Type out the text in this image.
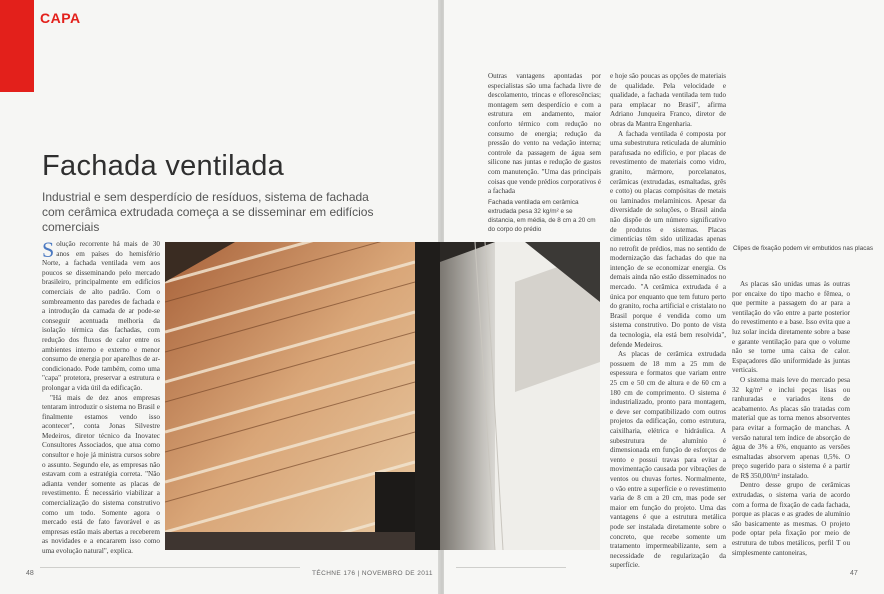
CAPA
Fachada ventilada

Industrial e sem desperdício de resíduos, sistema de fachada com cerâmica extrudada começa a se disseminar em edifícios comerciais

Solução recorrente há mais de 30 anos em países do hemisfério Norte, a fachada ventilada vem aos poucos se disseminando pelo mercado brasileiro, principalmente em edifícios comerciais de alto padrão. Com o sombreamento das paredes de fachada e a introdução da camada de ar pode-se conseguir acentuada melhoria da isolação térmica das fachadas, com redução dos fluxos de calor entre os ambientes interno e externo e menor consumo de energia por aparelhos de ar-condicionado. Pode também, como uma "capa" protetora, preservar a estrutura e prolongar a vida útil da edificação.

"Há mais de dez anos empresas tentaram introduzir o sistema no Brasil e finalmente estamos vendo isso acontecer", conta Jonas Silvestre Medeiros, diretor técnico da Inovatec Consultores Associados, que atua como consultor e hoje já ministra cursos sobre o assunto. Segundo ele, as empresas não estavam com a estratégia correta. "Não adianta vender somente as placas de revestimento. É necessário viabilizar a comercialização do sistema construtivo como um todo. Somente agora o mercado está de fato favorável e as empresas estão mais abertas a receberem as novidades e a encararem isso como uma evolução natural", explica.

48

Clipes de fixação podem vir embutidos nas placas

Outras vantagens apontadas por especialistas são uma fachada livre de descolamento, trincas e eflorescências; montagem sem desperdício e com a estrutura em andamento, maior conforto térmico com redução no consumo de energia; redução da pressão do vento na vedação interna; controle da passagem de água sem silicone nas juntas e redução de gastos com manutenção. "Uma das principais coisas que vende prédios corporativos é a fachada

Fachada ventilada em cerâmica extrudada pesa 32 kg/m² e se distancia, em média, de 8 cm a 20 cm do corpo do prédio

e hoje são poucas as opções de materiais de qualidade. Pela velocidade e qualidade, a fachada ventilada tem tudo para emplacar no Brasil", afirma Adriano Junqueira Franco, diretor de obras da Mantra Engenharia.

A fachada ventilada é composta por uma subestrutura reticulada de alumínio parafusada no edifício, e por placas de revestimento de materiais como vidro, granito, mármore, porcelanatos, cerâmicas (extrudadas, esmaltadas, grês e cotto) ou placas compósitas de metais ou laminados melamínicos. Apesar da diversidade de soluções, o Brasil ainda não dispõe de um número significativo de produtos e sistemas. Placas cimentícias têm sido utilizadas apenas no retrofit de prédios, mas no sentido de modernização das fachadas do que na intenção de se economizar energia. Os demais ainda não estão disseminados no mercado. "A cerâmica extrudada é a única por enquanto que tem futuro perto do granito, rocha artificial e cristalato no Brasil porque é vendida como um sistema construtivo. Do ponto de vista da tecnologia, ela está bem resolvida", defende Medeiros.

As placas de cerâmica extrudada possuem de 18 mm a 25 mm de espessura e formatos que variam entre 25 cm e 50 cm de altura e de 60 cm a 180 cm de comprimento. O sistema é industrializado, pronto para montagem, e deve ser compatibilizado com outros projetos da edificação, como estrutura, caixilharia, elétrica e hidráulica. A subestrutura de alumínio é dimensionada em função de esforços de vento e possui travas para evitar a movimentação causada por vibrações de ventos ou chuvas fortes. Normalmente, o vão entre a superfície e o revestimento varia de 8 cm a 20 cm, mas pode ser maior em função do projeto. Uma das vantagens é que a estrutura metálica pode ser instalada diretamente sobre o concreto, que recebe somente um tratamento impermeabilizante, sem a necessidade de regularização da superfície.

As placas são unidas umas às outras por encaixe do tipo macho e fêmea, o que permite a passagem do ar para a ventilação do vão entre a parte posterior do revestimento e a base. Isso evita que a luz solar incida diretamente sobre a base e garante ventilação para que o volume não se torne uma caixa de calor. Espaçadores dão uniformidade às juntas verticais.

O sistema mais leve do mercado pesa 32 kg/m² e inclui peças lisas ou ranhuradas e variados itens de acabamento. As placas são tratadas com material que as torna menos absorventes para evitar a formação de manchas. A versão natural tem índice de absorção de água de 3% a 6%, enquanto as versões esmaltadas absorvem apenas 0,5%. O preço sugerido para o sistema é a partir de R$ 350,00/m² instalado.

Dentro desse grupo de cerâmicas extrudadas, o sistema varia de acordo com a forma de fixação de cada fachada, porque as placas e as grades de alumínio são basicamente as mesmas. O projeto pode optar pela fixação por meio de estrutura de tubos metálicos, perfil T ou simplesmente cantoneiras,

TÉCHNE 176 | NOVEMBRO DE 2011	47
